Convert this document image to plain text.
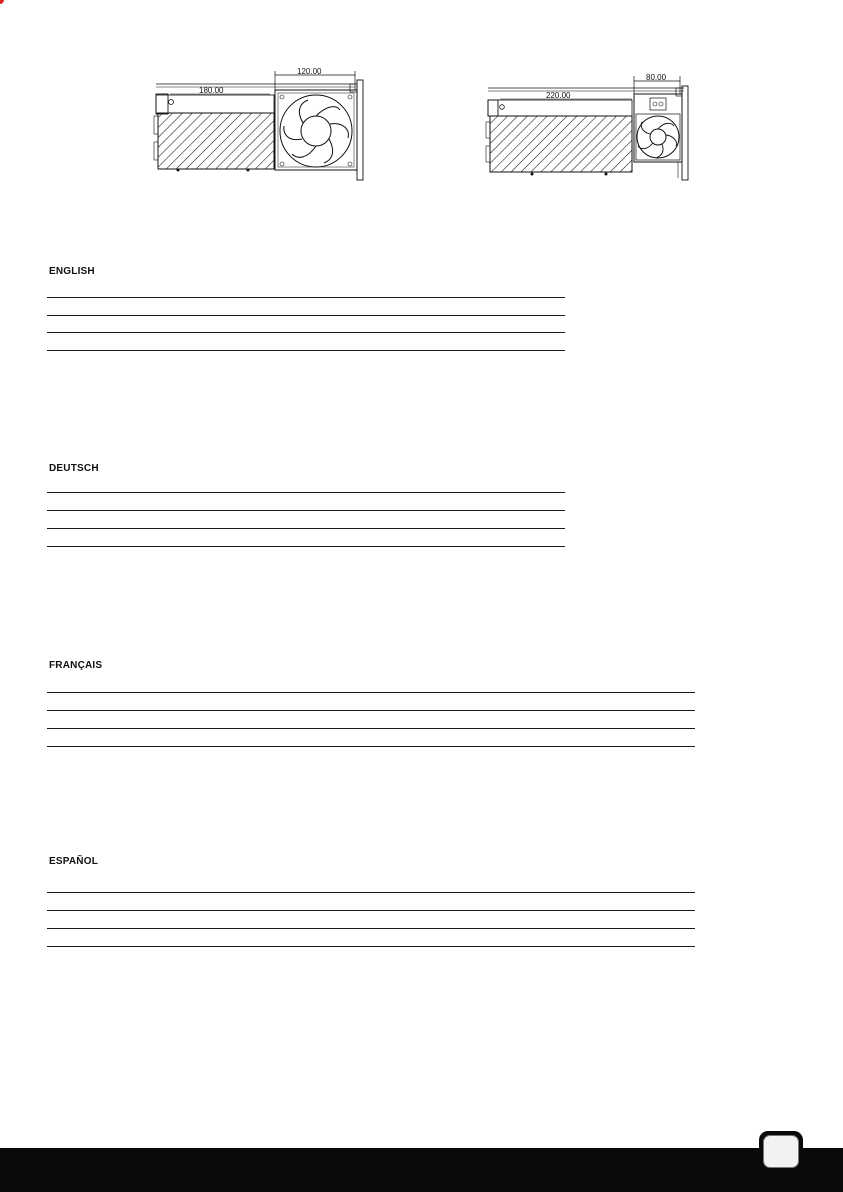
120.00
180.00
80.00
220.00
ENGLISH
DEUTSCH
FRANÇAIS
ESPAÑOL
